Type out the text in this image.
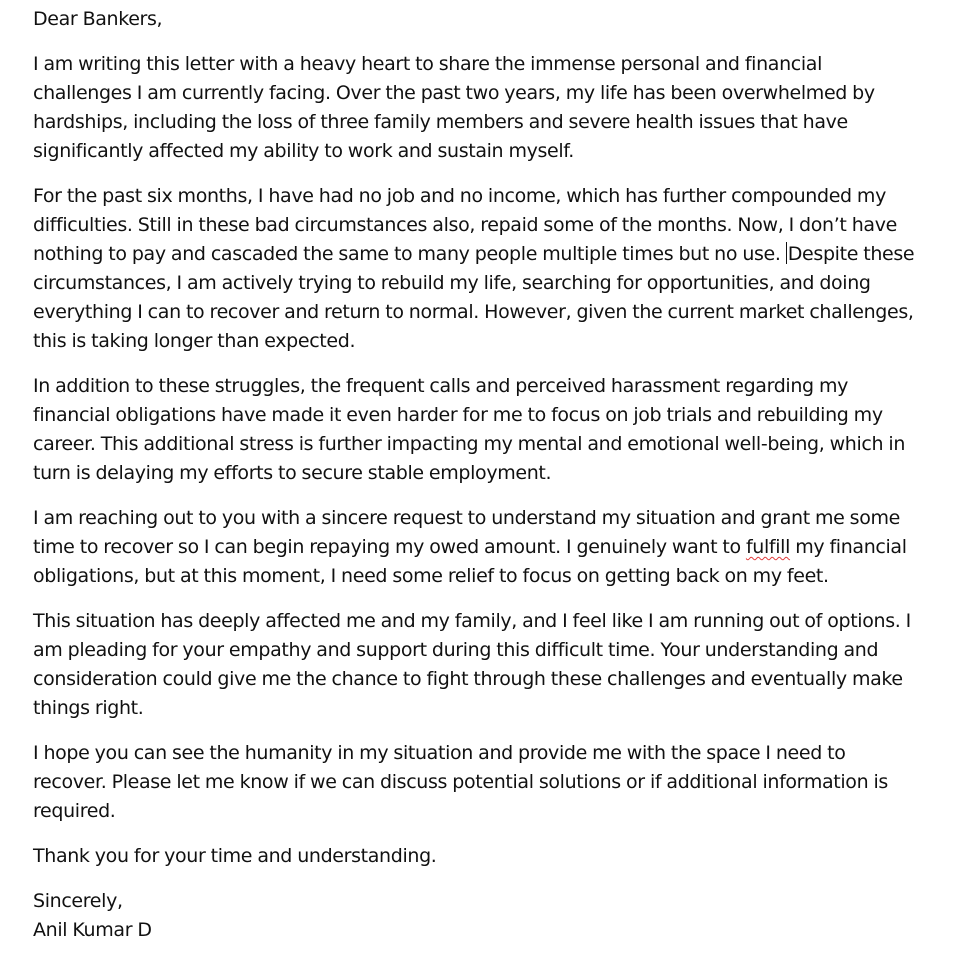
Dear Bankers,

I am writing this letter with a heavy heart to share the immense personal and financial
challenges I am currently facing. Over the past two years, my life has been overwhelmed by
hardships, including the loss of three family members and severe health issues that have
significantly affected my ability to work and sustain myself.

For the past six months, I have had no job and no income, which has further compounded my
difficulties. Still in these bad circumstances also, repaid some of the months. Now, I don’t have
nothing to pay and cascaded the same to many people multiple times but no use. Despite these
circumstances, I am actively trying to rebuild my life, searching for opportunities, and doing
everything I can to recover and return to normal. However, given the current market challenges,
this is taking longer than expected.

In addition to these struggles, the frequent calls and perceived harassment regarding my
financial obligations have made it even harder for me to focus on job trials and rebuilding my
career. This additional stress is further impacting my mental and emotional well-being, which in
turn is delaying my efforts to secure stable employment.

I am reaching out to you with a sincere request to understand my situation and grant me some
time to recover so I can begin repaying my owed amount. I genuinely want to fulfill my financial
obligations, but at this moment, I need some relief to focus on getting back on my feet.

This situation has deeply affected me and my family, and I feel like I am running out of options. I
am pleading for your empathy and support during this difficult time. Your understanding and
consideration could give me the chance to fight through these challenges and eventually make
things right.

I hope you can see the humanity in my situation and provide me with the space I need to
recover. Please let me know if we can discuss potential solutions or if additional information is
required.

Thank you for your time and understanding.

Sincerely,

Anil Kumar D
